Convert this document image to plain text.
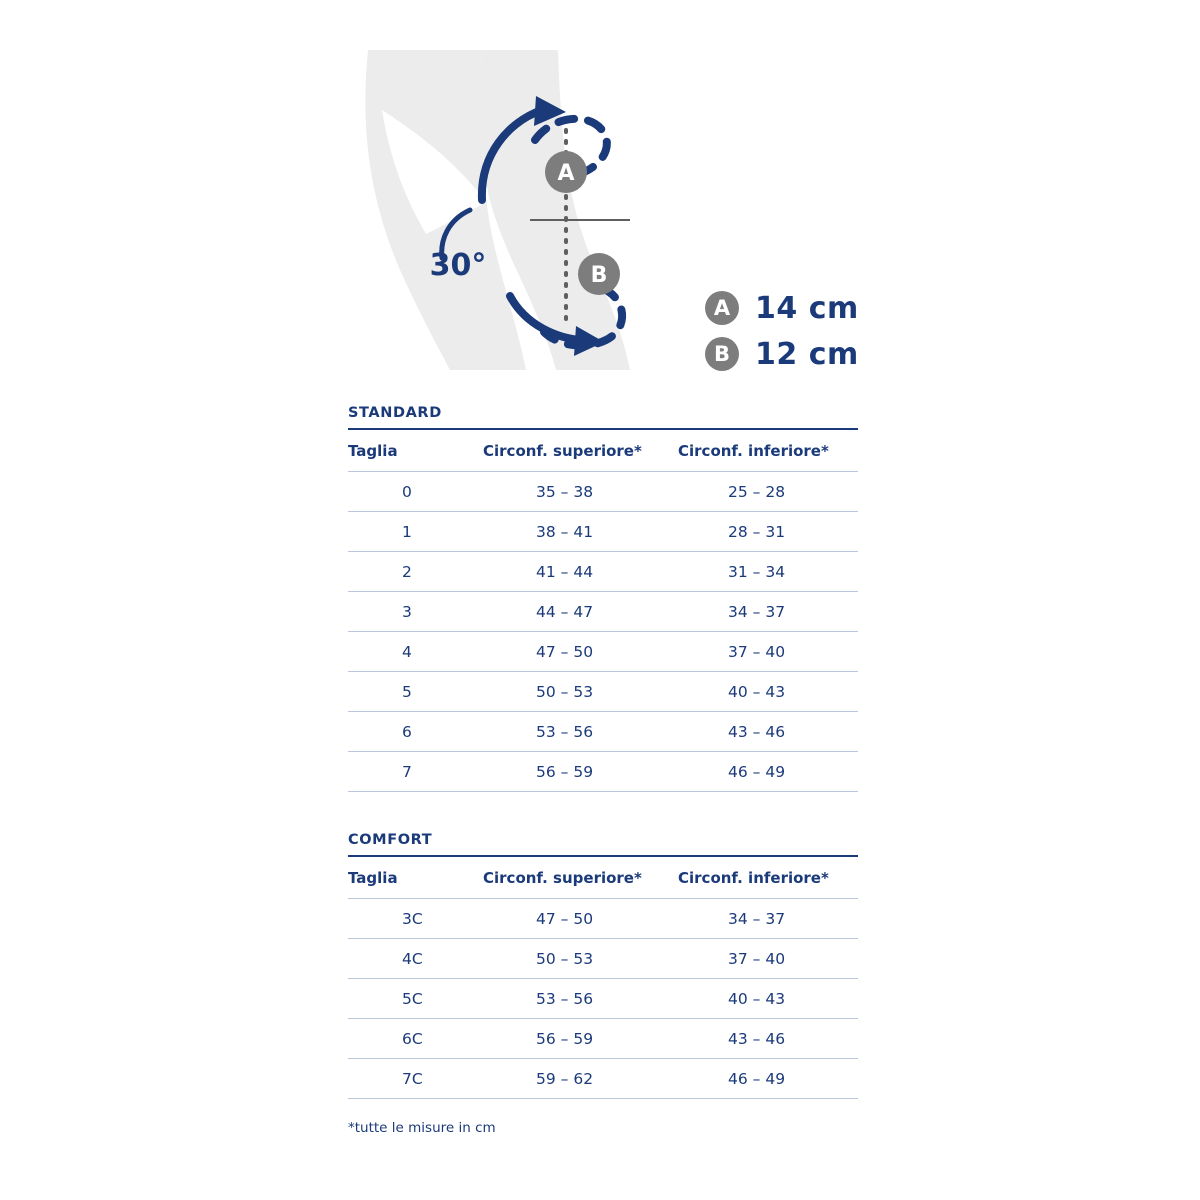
A
B
30°
A 14 cm
B 12 cm
STANDARD
Taglia	Circonf. superiore*	Circonf. inferiore*
0	35 – 38	25 – 28
1	38 – 41	28 – 31
2	41 – 44	31 – 34
3	44 – 47	34 – 37
4	47 – 50	37 – 40
5	50 – 53	40 – 43
6	53 – 56	43 – 46
7	56 – 59	46 – 49
COMFORT
Taglia	Circonf. superiore*	Circonf. inferiore*
3C	47 – 50	34 – 37
4C	50 – 53	37 – 40
5C	53 – 56	40 – 43
6C	56 – 59	43 – 46
7C	59 – 62	46 – 49
*tutte le misure in cm
